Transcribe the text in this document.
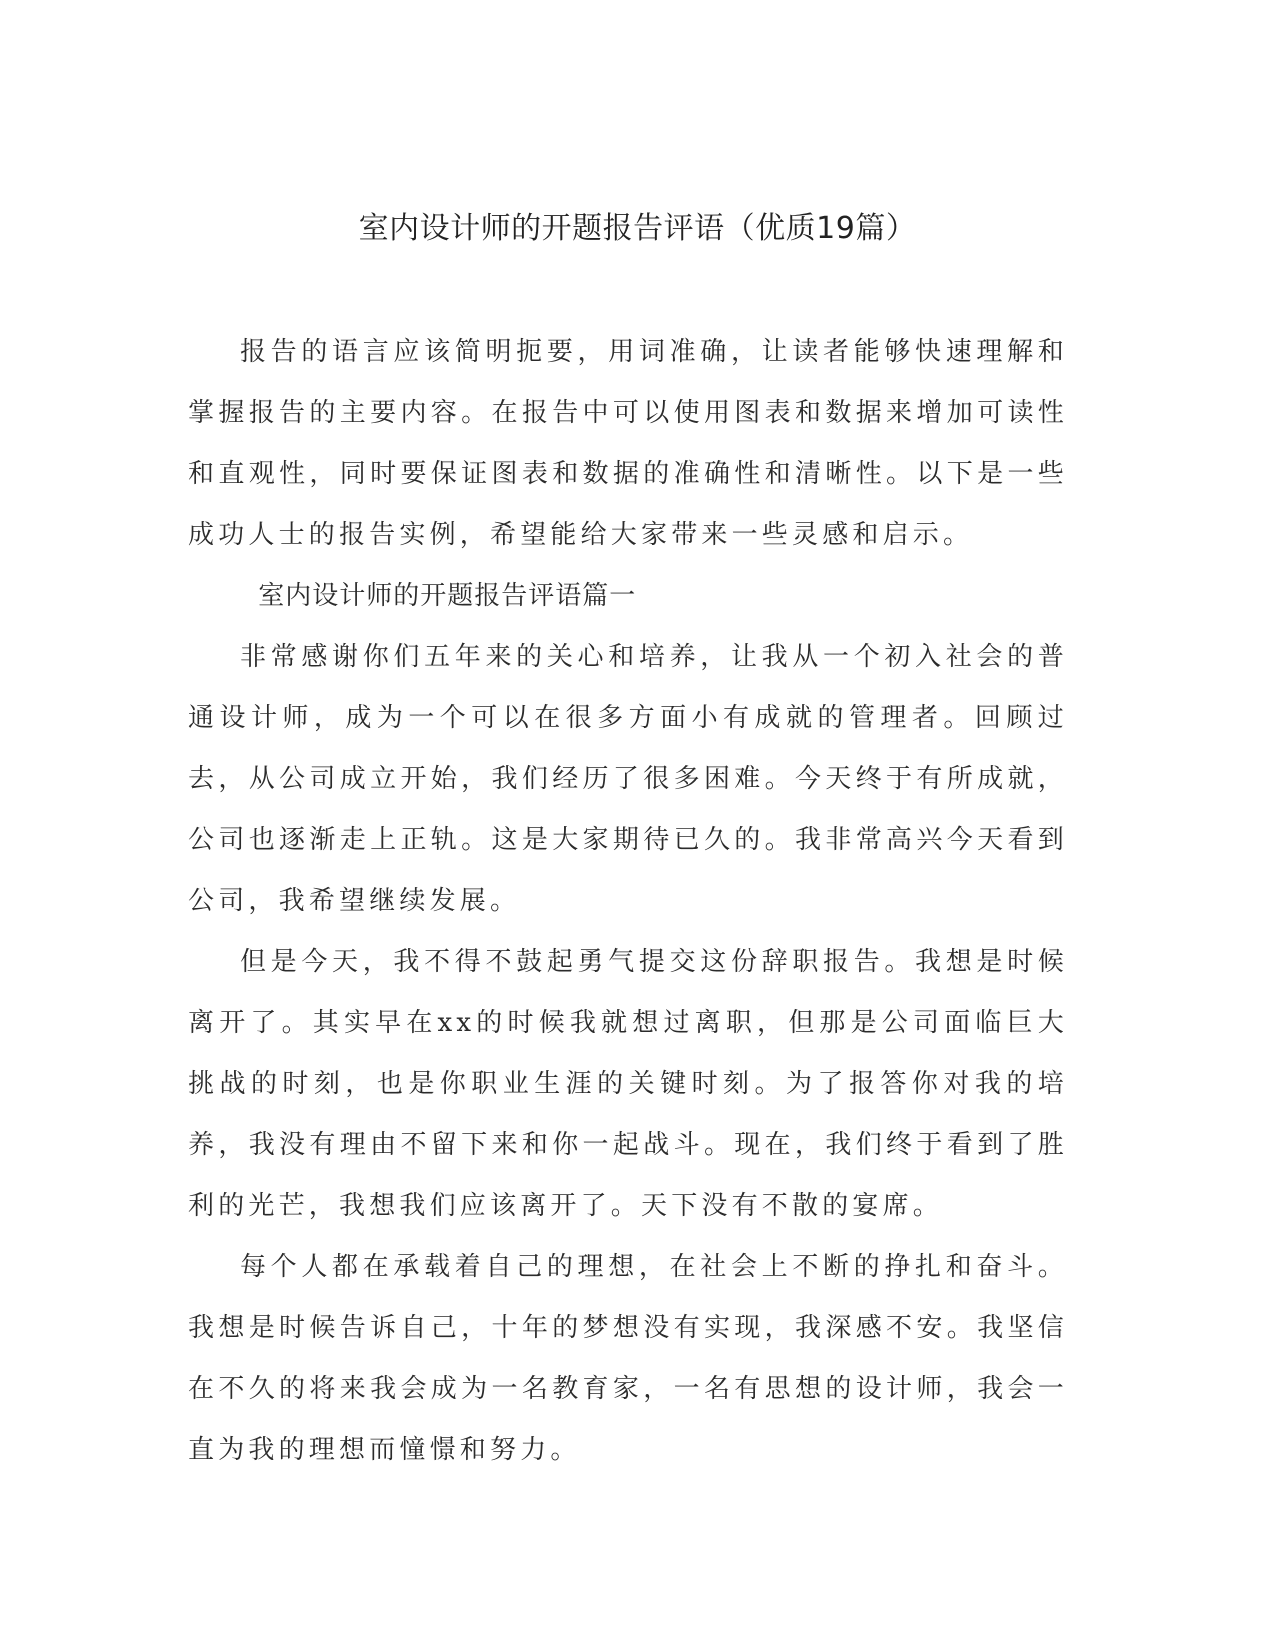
室内设计师的开题报告评语（优质19篇）

报告的语言应该简明扼要，用词准确，让读者能够快速理解和掌握报告的主要内容。在报告中可以使用图表和数据来增加可读性和直观性，同时要保证图表和数据的准确性和清晰性。以下是一些成功人士的报告实例，希望能给大家带来一些灵感和启示。

室内设计师的开题报告评语篇一

非常感谢你们五年来的关心和培养，让我从一个初入社会的普通设计师，成为一个可以在很多方面小有成就的管理者。回顾过去，从公司成立开始，我们经历了很多困难。今天终于有所成就，公司也逐渐走上正轨。这是大家期待已久的。我非常高兴今天看到公司，我希望继续发展。

但是今天，我不得不鼓起勇气提交这份辞职报告。我想是时候离开了。其实早在xx的时候我就想过离职，但那是公司面临巨大挑战的时刻，也是你职业生涯的关键时刻。为了报答你对我的培养，我没有理由不留下来和你一起战斗。现在，我们终于看到了胜利的光芒，我想我们应该离开了。天下没有不散的宴席。

每个人都在承载着自己的理想，在社会上不断的挣扎和奋斗。我想是时候告诉自己，十年的梦想没有实现，我深感不安。我坚信在不久的将来我会成为一名教育家，一名有思想的设计师，我会一直为我的理想而憧憬和努力。
